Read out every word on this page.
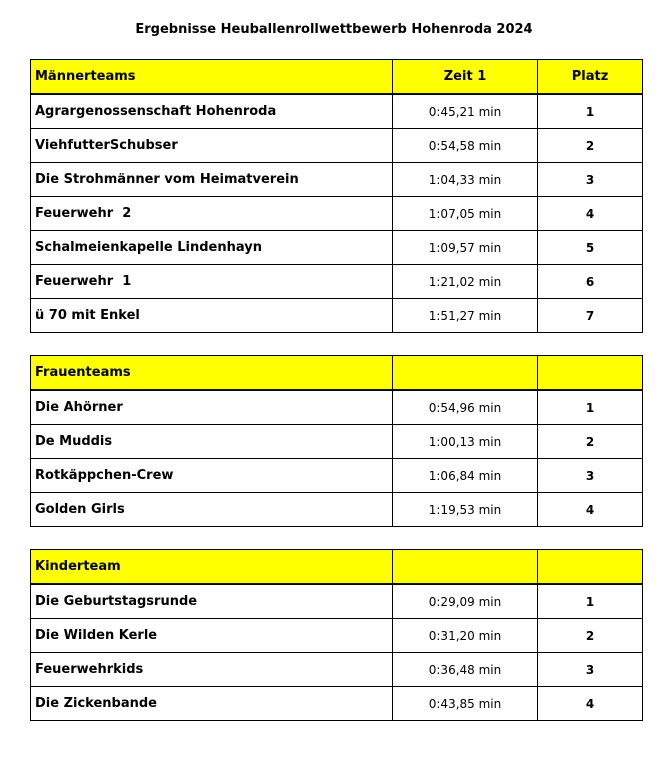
Ergebnisse Heuballenrollwettbewerb Hohenroda 2024
Männerteams	Zeit 1	Platz
Agrargenossenschaft Hohenroda	0:45,21 min	1
ViehfutterSchubser	0:54,58 min	2
Die Strohmänner vom Heimatverein	1:04,33 min	3
Feuerwehr  2	1:07,05 min	4
Schalmeienkapelle Lindenhayn	1:09,57 min	5
Feuerwehr  1	1:21,02 min	6
ü 70 mit Enkel	1:51,27 min	7
Frauenteams		
Die Ahörner	0:54,96 min	1
De Muddis	1:00,13 min	2
Rotkäppchen-Crew	1:06,84 min	3
Golden Girls	1:19,53 min	4
Kinderteam		
Die Geburtstagsrunde	0:29,09 min	1
Die Wilden Kerle	0:31,20 min	2
Feuerwehrkids	0:36,48 min	3
Die Zickenbande	0:43,85 min	4
